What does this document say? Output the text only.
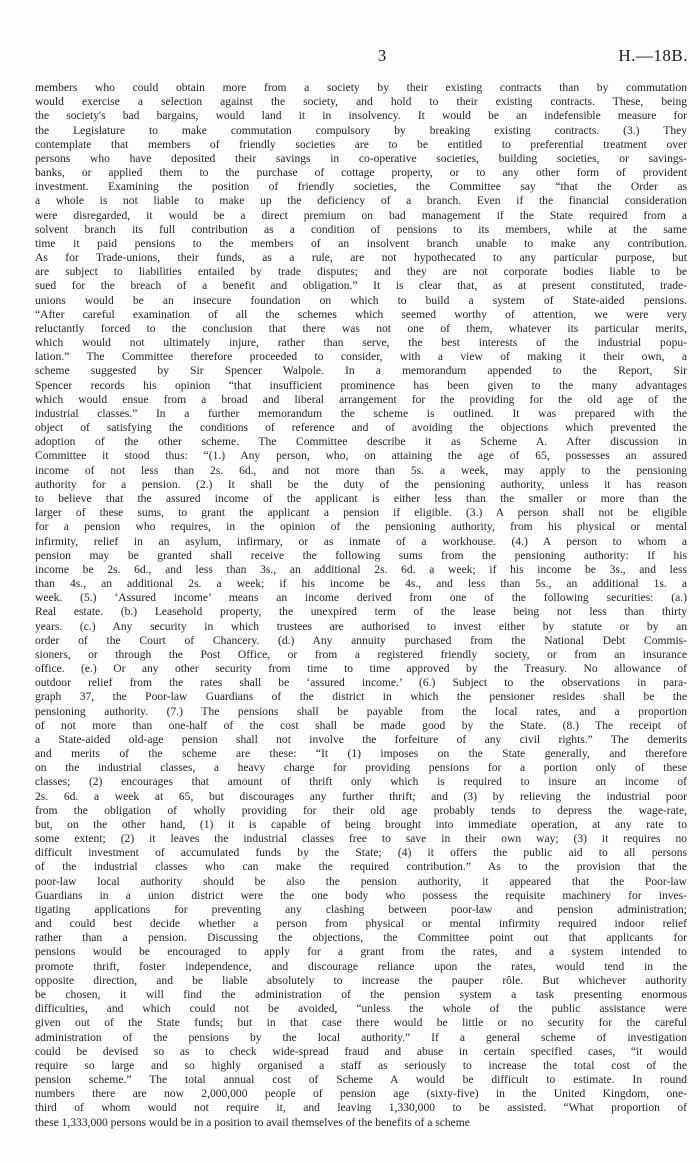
3	H.—18B.
members who could obtain more from a society by their existing contracts than by commutation
would exercise a selection against the society, and hold to their existing contracts. These, being
the society's bad bargains, would land it in insolvency. It would be an indefensible measure for
the Legislature to make commutation compulsory by breaking existing contracts. (3.) They
contemplate that members of friendly societies are to be entitled to preferential treatment over
persons who have deposited their savings in co-operative societies, building societies, or savings-
banks, or applied them to the purchase of cottage property, or to any other form of provident
investment. Examining the position of friendly societies, the Committee say “that the Order as
a whole is not liable to make up the deficiency of a branch. Even if the financial consideration
were disregarded, it would be a direct premium on bad management if the State required from a
solvent branch its full contribution as a condition of pensions to its members, while at the same
time it paid pensions to the members of an insolvent branch unable to make any contribution.
As for Trade-unions, their funds, as a rule, are not hypothecated to any particular purpose, but
are subject to liabilities entailed by trade disputes; and they are not corporate bodies liable to be
sued for the breach of a benefit and obligation.” It is clear that, as at present constituted, trade-
unions would be an insecure foundation on which to build a system of State-aided pensions.
“After careful examination of all the schemes which seemed worthy of attention, we were very
reluctantly forced to the conclusion that there was not one of them, whatever its particular merits,
which would not ultimately injure, rather than serve, the best interests of the industrial popu-
lation.” The Committee therefore proceeded to consider, with a view of making it their own, a
scheme suggested by Sir Spencer Walpole. In a memorandum appended to the Report, Sir
Spencer records his opinion “that insufficient prominence has been given to the many advantages
which would ensue from a broad and liberal arrangement for the providing for the old age of the
industrial classes.” In a further memorandum the scheme is outlined. It was prepared with the
object of satisfying the conditions of reference and of avoiding the objections which prevented the
adoption of the other scheme. The Committee describe it as Scheme A. After discussion in
Committee it stood thus: “(1.) Any person, who, on attaining the age of 65, possesses an assured
income of not less than 2s. 6d., and not more than 5s. a week, may apply to the pensioning
authority for a pension. (2.) It shall be the duty of the pensioning authority, unless it has reason
to believe that the assured income of the applicant is either less than the smaller or more than the
larger of these sums, to grant the applicant a pension if eligible. (3.) A person shall not be eligible
for a pension who requires, in the opinion of the pensioning authority, from his physical or mental
infirmity, relief in an asylum, infirmary, or as inmate of a workhouse. (4.) A person to whom a
pension may be granted shall receive the following sums from the pensioning authority: If his
income be 2s. 6d., and less than 3s., an additional 2s. 6d. a week; if his income be 3s., and less
than 4s., an additional 2s. a week; if his income be 4s., and less than 5s., an additional 1s. a
week. (5.) ‘Assured income’ means an income derived from one of the following securities: (a.)
Real estate. (b.) Leasehold property, the unexpired term of the lease being not less than thirty
years. (c.) Any security in which trustees are authorised to invest either by statute or by an
order of the Court of Chancery. (d.) Any annuity purchased from the National Debt Commis-
sioners, or through the Post Office, or from a registered friendly society, or from an insurance
office. (e.) Or any other security from time to time approved by the Treasury. No allowance of
outdoor relief from the rates shall be ‘assured income.’ (6.) Subject to the observations in para-
graph 37, the Poor-law Guardians of the district in which the pensioner resides shall be the
pensioning authority. (7.) The pensions shall be payable from the local rates, and a proportion
of not more than one-half of the cost shall be made good by the State. (8.) The receipt of
a State-aided old-age pension shall not involve the forfeiture of any civil rights.” The demerits
and merits of the scheme are these: “It (1) imposes on the State generally, and therefore
on the industrial classes, a heavy charge for providing pensions for a portion only of these
classes; (2) encourages that amount of thrift only which is required to insure an income of
2s. 6d. a week at 65, but discourages any further thrift; and (3) by relieving the industrial poor
from the obligation of wholly providing for their old age probably tends to depress the wage-rate,
but, on the other hand, (1) it is capable of being brought into immediate operation, at any rate to
some extent; (2) it leaves the industrial classes free to save in their own way; (3) it requires no
difficult investment of accumulated funds by the State; (4) it offers the public aid to all persons
of the industrial classes who can make the required contribution.” As to the provision that the
poor-law local authority should be also the pension authority, it appeared that the Poor-law
Guardians in a union district were the one body who possess the requisite machinery for inves-
tigating applications for preventing any clashing between poor-law and pension administration;
and could best decide whether a person from physical or mental infirmity required indoor relief
rather than a pension. Discussing the objections, the Committee point out that applicants for
pensions would be encouraged to apply for a grant from the rates, and a system intended to
promote thrift, foster independence, and discourage reliance upon the rates, would tend in the
opposite direction, and be liable absolutely to increase the pauper rôle. But whichever authority
be chosen, it will find the administration of the pension system a task presenting enormous
difficulties, and which could not be avoided, “unless the whole of the public assistance were
given out of the State funds; but in that case there would be little or no security for the careful
administration of the pensions by the local authority.” If a general scheme of investigation
could be devised so as to check wide-spread fraud and abuse in certain specified cases, “it would
require so large and so highly organised a staff as seriously to increase the total cost of the
pension scheme.” The total annual cost of Scheme A would be difficult to estimate. In round
numbers there are now 2,000,000 people of pension age (sixty-five) in the United Kingdom, one-
third of whom would not require it, and leaving 1,330,000 to be assisted. “What proportion of
these 1,333,000 persons would be in a position to avail themselves of the benefits of a scheme
